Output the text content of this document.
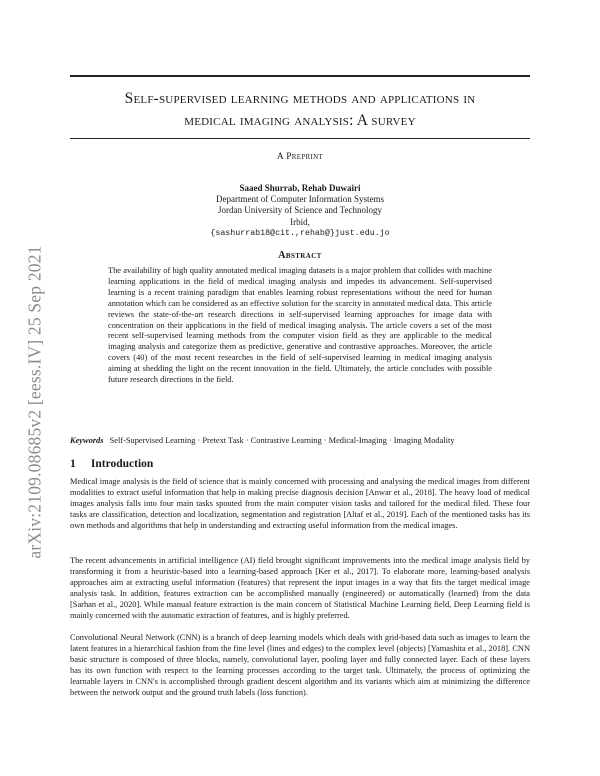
arXiv:2109.08685v2 [eess.IV] 25 Sep 2021
Self-supervised learning methods and applications in
medical imaging analysis: A survey
A Preprint
Saaed Shurrab, Rehab Duwairi
Department of Computer Information Systems
Jordan University of Science and Technology
Irbid,
{sashurrab18@cit.,rehab@}just.edu.jo
Abstract
The availability of high quality annotated medical imaging datasets is a major problem that collides with machine learning applications in the field of medical imaging analysis and impedes its advancement. Self-supervised learning is a recent training paradigm that enables learning robust representations without the need for human annotation which can be considered as an effective solution for the scarcity in annotated medical data. This article reviews the state-of-the-art research directions in self-supervised learning approaches for image data with concentration on their applications in the field of medical imaging analysis. The article covers a set of the most recent self-supervised learning methods from the computer vision field as they are applicable to the medical imaging analysis and categorize them as predictive, generative and contrastive approaches. Moreover, the article covers (40) of the most recent researches in the field of self-supervised learning in medical imaging analysis aiming at shedding the light on the recent innovation in the field. Ultimately, the article concludes with possible future research directions in the field.
Keywords Self-Supervised Learning · Pretext Task · Contrastive Learning · Medical-Imaging · Imaging Modality
1 Introduction
Medical image analysis is the field of science that is mainly concerned with processing and analysing the medical images from different modalities to extract useful information that help in making precise diagnosis decision [Anwar et al., 2018]. The heavy load of medical images analysis falls into four main tasks spouted from the main computer vision tasks and tailored for the medical filed. These four tasks are classification, detection and localization, segmentation and registration [Altaf et al., 2019]. Each of the mentioned tasks has its own methods and algorithms that help in understanding and extracting useful information from the medical images.
The recent advancements in artificial intelligence (AI) field brought significant improvements into the medical image analysis field by transforming it from a heuristic-based into a learning-based approach [Ker et al., 2017]. To elaborate more, learning-based analysis approaches aim at extracting useful information (features) that represent the input images in a way that fits the target medical image analysis task. In addition, features extraction can be accomplished manually (engineered) or automatically (learned) from the data [Sarhan et al., 2020]. While manual feature extraction is the main concern of Statistical Machine Learning field, Deep Learning field is mainly concerned with the automatic extraction of features, and is highly preferred.
Convolutional Neural Network (CNN) is a branch of deep learning models which deals with grid-based data such as images to learn the latent features in a hierarchical fashion from the fine level (lines and edges) to the complex level (objects) [Yamashita et al., 2018]. CNN basic structure is composed of three blocks, namely, convolutional layer, pooling layer and fully connected layer. Each of these layers has its own function with respect to the learning processes according to the target task. Ultimately, the process of optimizing the learnable layers in CNN's is accomplished through gradient descent algorithm and its variants which aim at minimizing the difference between the network output and the ground truth labels (loss function).
